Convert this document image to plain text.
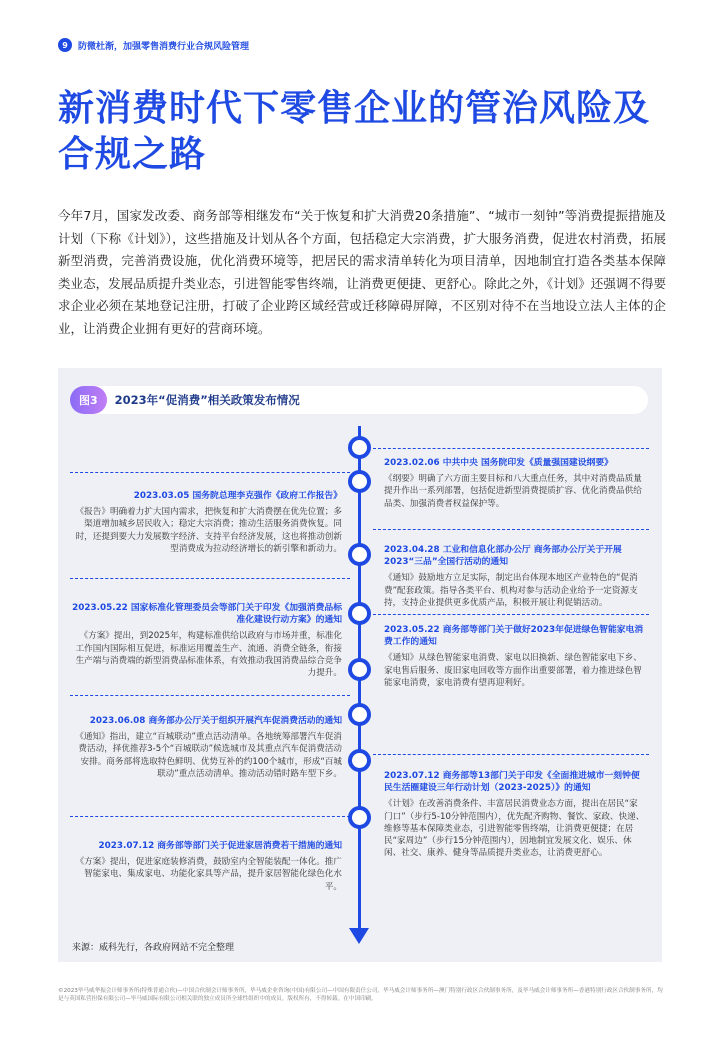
9	防微杜渐，加强零售消费行业合规风险管理
新消费时代下零售企业的管治风险及合规之路
今年7月，国家发改委、商务部等相继发布“关于恢复和扩大消费20条措施”、“城市一刻钟”等消费提振措施及计划（下称《计划》），这些措施及计划从各个方面，包括稳定大宗消费，扩大服务消费，促进农村消费，拓展新型消费，完善消费设施，优化消费环境等，把居民的需求清单转化为项目清单，因地制宜打造各类基本保障类业态，发展品质提升类业态，引进智能零售终端，让消费更便捷、更舒心。除此之外，《计划》还强调不得要求企业必须在某地登记注册，打破了企业跨区域经营或迁移障碍屏障，不区别对待不在当地设立法人主体的企业，让消费企业拥有更好的营商环境。
图3	2023年“促消费”相关政策发布情况
2023.03.05 国务院总理李克强作《政府工作报告》
《报告》明确着力扩大国内需求，把恢复和扩大消费摆在优先位置；多渠道增加城乡居民收入；稳定大宗消费；推动生活服务消费恢复。同时，还提到要大力发展数字经济、支持平台经济发展，这也将推动创新型消费成为拉动经济增长的新引擎和新动力。
2023.05.22 国家标准化管理委员会等部门关于印发《加强消费品标准化建设行动方案》的通知
《方案》提出，到2025年，构建标准供给以政府与市场并重，标准化工作国内国际相互促进，标准运用覆盖生产、流通、消费全链条，衔接生产端与消费端的新型消费品标准体系，有效推动我国消费品综合竞争力提升。
2023.06.08 商务部办公厅关于组织开展汽车促消费活动的通知
《通知》指出，建立“百城联动”重点活动清单。各地统筹部署汽车促消费活动，择优推荐3-5个“百城联动”候选城市及其重点汽车促消费活动安排。商务部将选取特色鲜明、优势互补的约100个城市，形成“百城联动”重点活动清单。推动活动错时路车型下乡。
2023.07.12 商务部等部门关于促进家居消费若干措施的通知
《方案》提出，促进家庭装修消费，鼓励室内全智能装配一体化。推广智能家电、集成家电、功能化家具等产品，提升家居智能化绿色化水平。
2023.02.06 中共中央 国务院印发《质量强国建设纲要》
《纲要》明确了六方面主要目标和八大重点任务，其中对消费品质量提升作出一系列部署，包括促进新型消费提质扩容、优化消费品供给品类、加强消费者权益保护等。
2023.04.28 工业和信息化部办公厅 商务部办公厅关于开展2023“三品”全国行活动的通知
《通知》鼓励地方立足实际，制定出台体现本地区产业特色的“促消费”配套政策。指导各类平台、机构对参与活动企业给予一定资源支持，支持企业提供更多优质产品，积极开展让利促销活动。
2023.05.22 商务部等部门关于做好2023年促进绿色智能家电消费工作的通知
《通知》从绿色智能家电消费、家电以旧换新、绿色智能家电下乡、家电售后服务、废旧家电回收等方面作出重要部署，着力推进绿色智能家电消费，家电消费有望再迎利好。
2023.07.12 商务部等13部门关于印发《全面推进城市一刻钟便民生活圈建设三年行动计划（2023-2025）》的通知
《计划》在改善消费条件、丰富居民消费业态方面，提出在居民“家门口”（步行5-10分钟范围内），优先配齐购物、餐饮、家政、快递、维修等基本保障类业态，引进智能零售终端，让消费更便捷；在居民“家周边”（步行15分钟范围内），因地制宜发展文化、娱乐、休闲、社交、康养、健身等品质提升类业态，让消费更舒心。
来源：威科先行，各政府网站不完全整理
©2023毕马威华振会计师事务所(特殊普通合伙)—中国合伙制会计师事务所，毕马威企业咨询(中国)有限公司—中国有限责任公司，毕马威会计师事务所—澳门特别行政区合伙制事务所，及毕马威会计师事务所—香港特别行政区合伙制事务所，均是与英国私营担保有限公司—毕马威国际有限公司相关联的独立成员所全球性组织中的成员。版权所有，不得转载。在中国印刷。
